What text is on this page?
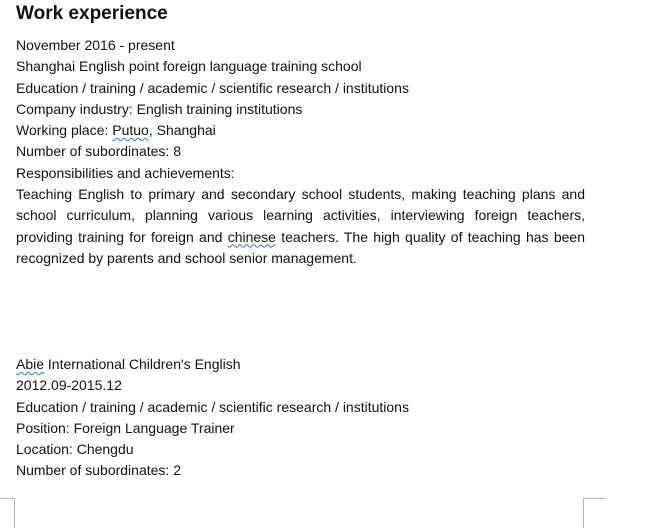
Work experience
November 2016 - present
Shanghai English point foreign language training school
Education / training / academic / scientific research / institutions
Company industry: English training institutions
Working place: Putuo, Shanghai
Number of subordinates: 8
Responsibilities and achievements:
Teaching English to primary and secondary school students, making teaching plans and school curriculum, planning various learning activities, interviewing foreign teachers, providing training for foreign and chinese teachers. The high quality of teaching has been recognized by parents and school senior management.
Abie International Children's English
2012.09-2015.12
Education / training / academic / scientific research / institutions
Position: Foreign Language Trainer
Location: Chengdu
Number of subordinates: 2
